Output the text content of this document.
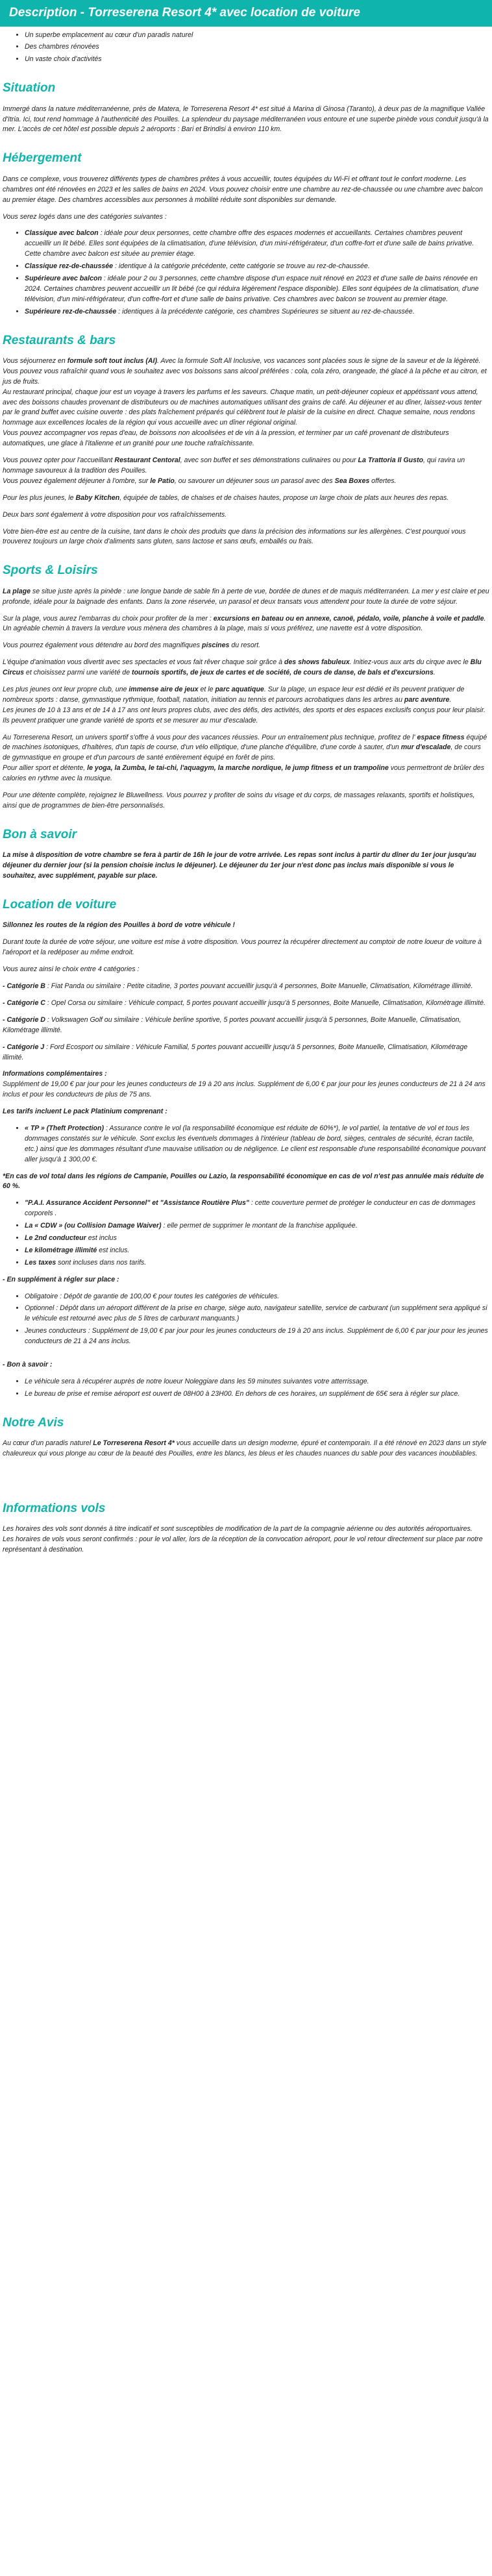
Description - Torreserena Resort 4* avec location de voiture
• Un superbe emplacement au cœur d'un paradis naturel
• Des chambres rénovées
• Un vaste choix d'activités
Situation

Immergé dans la nature méditerranéenne, près de Matera, le Torreserena Resort 4* est situé à Marina di Ginosa (Taranto), à deux pas de la magnifique Vallée d'Itria. Ici, tout rend hommage à l'authenticité des Pouilles. La splendeur du paysage méditerranéen vous entoure et une superbe pinède vous conduit jusqu'à la mer. L'accès de cet hôtel est possible depuis 2 aéroports : Bari et Brindisi à environ 110 km.

Hébergement

Dans ce complexe, vous trouverez différents types de chambres prêtes à vous accueillir, toutes équipées du Wi-Fi et offrant tout le confort moderne. Les chambres ont été rénovées en 2023 et les salles de bains en 2024. Vous pouvez choisir entre une chambre au rez-de-chaussée ou une chambre avec balcon au premier étage. Des chambres accessibles aux personnes à mobilité réduite sont disponibles sur demande.

Vous serez logés dans une des catégories suivantes :

• Classique avec balcon : idéale pour deux personnes, cette chambre offre des espaces modernes et accueillants. Certaines chambres peuvent accueillir un lit bébé. Elles sont équipées de la climatisation, d'une télévision, d'un mini-réfrigérateur, d'un coffre-fort et d'une salle de bains privative. Cette chambre avec balcon est située au premier étage.
• Classique rez-de-chaussée : identique à la catégorie précédente, cette catégorie se trouve au rez-de-chaussée.
• Supérieure avec balcon : idéale pour 2 ou 3 personnes, cette chambre dispose d'un espace nuit rénové en 2023 et d'une salle de bains rénovée en 2024. Certaines chambres peuvent accueillir un lit bébé (ce qui réduira légèrement l'espace disponible). Elles sont équipées de la climatisation, d'une télévision, d'un mini-réfrigérateur, d'un coffre-fort et d'une salle de bains privative. Ces chambres avec balcon se trouvent au premier étage.
• Supérieure rez-de-chaussée : identiques à la précédente catégorie, ces chambres Supérieures se situent au rez-de-chaussée.
Restaurants & bars

Vous séjournerez en formule soft tout inclus (AI). Avec la formule Soft All Inclusive, vos vacances sont placées sous le signe de la saveur et de la légèreté. Vous pouvez vous rafraîchir quand vous le souhaitez avec vos boissons sans alcool préférées : cola, cola zéro, orangeade, thé glacé à la pêche et au citron, et jus de fruits.

Au restaurant principal, chaque jour est un voyage à travers les parfums et les saveurs. Chaque matin, un petit-déjeuner copieux et appétissant vous attend, avec des boissons chaudes provenant de distributeurs ou de machines automatiques utilisant des grains de café. Au déjeuner et au dîner, laissez-vous tenter par le grand buffet avec cuisine ouverte : des plats fraîchement préparés qui célèbrent tout le plaisir de la cuisine en direct. Chaque semaine, nous rendons hommage aux excellences locales de la région qui vous accueille avec un dîner régional original.

Vous pouvez accompagner vos repas d'eau, de boissons non alcoolisées et de vin à la pression, et terminer par un café provenant de distributeurs automatiques, une glace à l'italienne et un granité pour une touche rafraîchissante.

Vous pouvez opter pour l'accueillant Restaurant Centoral, avec son buffet et ses démonstrations culinaires ou pour La Trattoria Il Gusto, qui ravira un hommage savoureux à la tradition des Pouilles.

Vous pouvez également déjeuner à l'ombre, sur le Patio, ou savourer un déjeuner sous un parasol avec des Sea Boxes offertes.

Pour les plus jeunes, le Baby Kitchen, équipée de tables, de chaises et de chaises hautes, propose un large choix de plats aux heures des repas.

Deux bars sont également à votre disposition pour vos rafraîchissements.

Votre bien-être est au centre de la cuisine, tant dans le choix des produits que dans la précision des informations sur les allergènes. C'est pourquoi vous trouverez toujours un large choix d'aliments sans gluten, sans lactose et sans œufs, emballés ou frais.

Sports & Loisirs

La plage se situe juste après la pinède : une longue bande de sable fin à perte de vue, bordée de dunes et de maquis méditerranéen. La mer y est claire et peu profonde, idéale pour la baignade des enfants. Dans la zone réservée, un parasol et deux transats vous attendent pour toute la durée de votre séjour.

Sur la plage, vous aurez l'embarras du choix pour profiter de la mer : excursions en bateau ou en annexe, canoë, pédalo, voile, planche à voile et paddle. Un agréable chemin à travers la verdure vous mènera des chambres à la plage, mais si vous préférez, une navette est à votre disposition.

Vous pourrez également vous détendre au bord des magnifiques piscines du resort.

L'équipe d'animation vous divertit avec ses spectacles et vous fait rêver chaque soir grâce à des shows fabuleux. Initiez-vous aux arts du cirque avec le Blu Circus et choisissez parmi une variété de tournois sportifs, de jeux de cartes et de société, de cours de danse, de bals et d'excursions.

Les plus jeunes ont leur propre club, une immense aire de jeux et le parc aquatique. Sur la plage, un espace leur est dédié et ils peuvent pratiquer de nombreux sports : danse, gymnastique rythmique, football, natation, initiation au tennis et parcours acrobatiques dans les arbres au parc aventure.

Les jeunes de 10 à 13 ans et de 14 à 17 ans ont leurs propres clubs, avec des défis, des activités, des sports et des espaces exclusifs conçus pour leur plaisir. Ils peuvent pratiquer une grande variété de sports et se mesurer au mur d'escalade.

Au Torreserena Resort, un univers sportif s'offre à vous pour des vacances réussies. Pour un entraînement plus technique, profitez de l' espace fitness équipé de machines isotoniques, d'haltères, d'un tapis de course, d'un vélo elliptique, d'une planche d'équilibre, d'une corde à sauter, d'un mur d'escalade, de cours de gymnastique en groupe et d'un parcours de santé entièrement équipé en forêt de pins.

Pour allier sport et détente, le yoga, la Zumba, le tai-chi, l'aquagym, la marche nordique, le jump fitness et un trampoline vous permettront de brûler des calories en rythme avec la musique.

Pour une détente complète, rejoignez le Bluwellness. Vous pourrez y profiter de soins du visage et du corps, de massages relaxants, sportifs et holistiques, ainsi que de programmes de bien-être personnalisés.

Bon à savoir

La mise à disposition de votre chambre se fera à partir de 16h le jour de votre arrivée. Les repas sont inclus à partir du dîner du 1er jour jusqu'au déjeuner du dernier jour (si la pension choisie inclus le déjeuner). Le déjeuner du 1er jour n'est donc pas inclus mais disponible si vous le souhaitez, avec supplément, payable sur place.

Location de voiture

Sillonnez les routes de la région des Pouilles à bord de votre véhicule !

Durant toute la durée de votre séjour, une voiture est mise à votre disposition. Vous pourrez la récupérer directement au comptoir de notre loueur de voiture à l'aéroport et la redéposer au même endroit.

Vous aurez ainsi le choix entre 4 catégories :

- Catégorie B : Fiat Panda ou similaire : Petite citadine, 3 portes pouvant accueillir jusqu'à 4 personnes, Boite Manuelle, Climatisation, Kilométrage illimité.

- Catégorie C : Opel Corsa ou similaire : Véhicule compact, 5 portes pouvant accueillir jusqu'à 5 personnes, Boite Manuelle, Climatisation, Kilométrage illimité.

- Catégorie D : Volkswagen Golf ou similaire : Véhicule berline sportive, 5 portes pouvant accueillir jusqu'à 5 personnes, Boite Manuelle, Climatisation, Kilométrage illimité.

- Catégorie J : Ford Ecosport ou similaire : Véhicule Familial, 5 portes pouvant accueillir jusqu'à 5 personnes, Boite Manuelle, Climatisation, Kilométrage illimité.

Informations complémentaires :

Supplément de 19,00 € par jour pour les jeunes conducteurs de 19 à 20 ans inclus. Supplément de 6,00 € par jour pour les jeunes conducteurs de 21 à 24 ans inclus et pour les conducteurs de plus de 75 ans.

Les tarifs incluent Le pack Platinium comprenant :

• « TP » (Theft Protection) : Assurance contre le vol (la responsabilité économique est réduite de 60%*), le vol partiel, la tentative de vol et tous les dommages constatés sur le véhicule. Sont exclus les éventuels dommages à l'intérieur (tableau de bord, sièges, centrales de sécurité, écran tactile, etc.) ainsi que les dommages résultant d'une mauvaise utilisation ou de négligence. Le client est responsable d'une responsabilité économique pouvant aller jusqu'à 1 300,00 €.

*En cas de vol total dans les régions de Campanie, Pouilles ou Lazio, la responsabilité économique en cas de vol n'est pas annulée mais réduite de 60 %.

• "P.A.I. Assurance Accident Personnel" et "Assistance Routière Plus" : cette couverture permet de protéger le conducteur en cas de dommages corporels .
• La « CDW » (ou Collision Damage Waiver) : elle permet de supprimer le montant de la franchise appliquée.
• Le 2nd conducteur est inclus
• Le kilométrage illimité est inclus.
• Les taxes sont incluses dans nos tarifs.

- En supplément à régler sur place :

• Obligatoire : Dépôt de garantie de 100,00 € pour toutes les catégories de véhicules.
• Optionnel : Dépôt dans un aéroport différent de la prise en charge, siège auto, navigateur satellite, service de carburant (un supplément sera appliqué si le véhicule est retourné avec plus de 5 litres de carburant manquants.)
• Jeunes conducteurs : Supplément de 19,00 € par jour pour les jeunes conducteurs de 19 à 20 ans inclus. Supplément de 6,00 € par jour pour les jeunes conducteurs de 21 à 24 ans inclus.

- Bon à savoir :

• Le véhicule sera à récupérer auprès de notre loueur Noleggiare dans les 59 minutes suivantes votre atterrissage.
• Le bureau de prise et remise aéroport est ouvert de 08H00 à 23H00. En dehors de ces horaires, un supplément de 65€ sera à régler sur place.
Notre Avis

Au cœur d'un paradis naturel Le Torreserena Resort 4* vous accueille dans un design moderne, épuré et contemporain. Il a été rénové en 2023 dans un style chaleureux qui vous plonge au cœur de la beauté des Pouilles, entre les blancs, les bleus et les chaudes nuances du sable pour des vacances inoubliables.

Informations vols

Les horaires des vols sont donnés à titre indicatif et sont susceptibles de modification de la part de la compagnie aérienne ou des autorités aéroportuaires.

Les horaires de vols vous seront confirmés : pour le vol aller, lors de la réception de la convocation aéroport, pour le vol retour directement sur place par notre représentant à destination.
